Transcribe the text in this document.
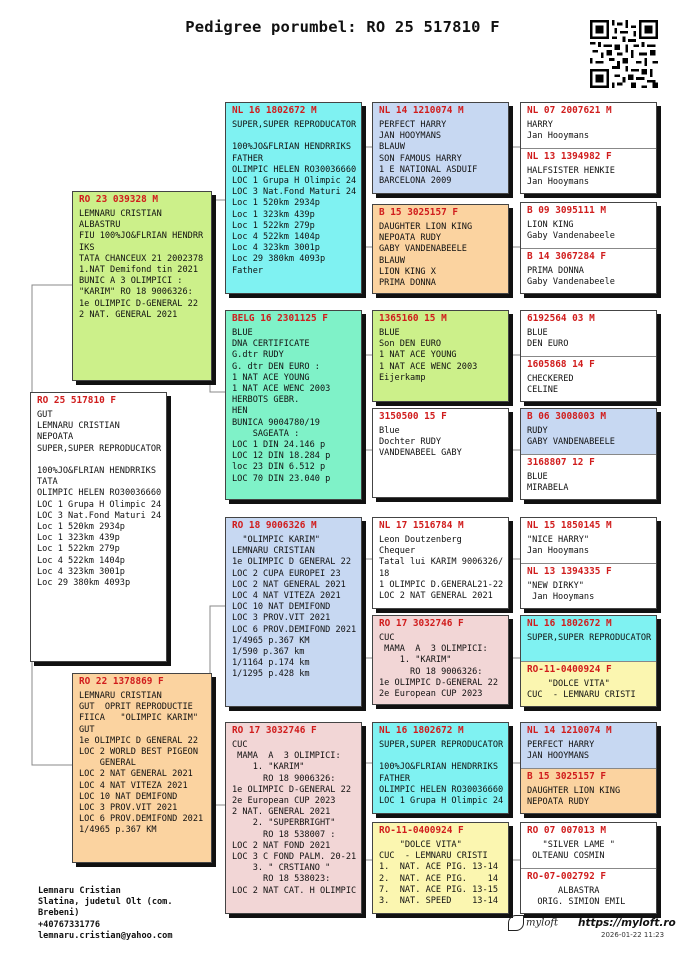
Pedigree porumbel: RO 25 517810 F
RO 25 517810 F
GUT
LEMNARU CRISTIAN
NEPOATA
SUPER,SUPER REPRODUCATOR

100%JO&FLRIAN HENDRRIKS
TATA
OLIMPIC HELEN RO30036660
LOC 1 Grupa H Olimpic 24
LOC 3 Nat.Fond Maturi 24
Loc 1 520km 2934p
Loc 1 323km 439p
Loc 1 522km 279p
Loc 4 522km 1404p
Loc 4 323km 3001p
Loc 29 380km 4093p
RO 23 039328 M
LEMNARU CRISTIAN
ALBASTRU
FIU 100%JO&FLRIAN HENDRR
IKS
TATA CHANCEUX 21 2002378
1.NAT Demifond tin 2021
BUNIC A 3 OLIMPICI :
"KARIM" RO 18 9006326:
1e OLIMPIC D-GENERAL 22
2 NAT. GENERAL 2021
RO 22 1378869 F
LEMNARU CRISTIAN
GUT  OPRIT REPRODUCTIE
FIICA   "OLIMPIC KARIM"
GUT
1e OLIMPIC D GENERAL 22
LOC 2 WORLD BEST PIGEON
GENERAL
LOC 2 NAT GENERAL 2021
LOC 4 NAT VITEZA 2021
LOC 10 NAT DEMIFOND
LOC 3 PROV.VIT 2021
LOC 6 PROV.DEMIFOND 2021
1/4965 p.367 KM
NL 16 1802672 M
SUPER,SUPER REPRODUCATOR

100%JO&FLRIAN HENDRRIKS
FATHER
OLIMPIC HELEN RO30036660
LOC 1 Grupa H Olimpic 24
LOC 3 Nat.Fond Maturi 24
Loc 1 520km 2934p
Loc 1 323km 439p
Loc 1 522km 279p
Loc 4 522km 1404p
Loc 4 323km 3001p
Loc 29 380km 4093p
Father
BELG 16 2301125 F
BLUE
DNA CERTIFICATE
G.dtr RUDY
G. dtr DEN EURO :
1 NAT ACE YOUNG
1 NAT ACE WENC 2003
HERBOTS GEBR.
HEN
BUNICA 9004780/19
SAGEATA :
LOC 1 DIN 24.146 p
LOC 12 DIN 18.284 p
loc 23 DIN 6.512 p
LOC 70 DIN 23.040 p
RO 18 9006326 M
"OLIMPIC KARIM"
LEMNARU CRISTIAN
1e OLIMPIC D GENERAL 22
LOC 2 CUPA EUROPEI 23
LOC 2 NAT GENERAL 2021
LOC 4 NAT VITEZA 2021
LOC 10 NAT DEMIFOND
LOC 3 PROV.VIT 2021
LOC 6 PROV.DEMIFOND 2021
1/4965 p.367 KM
1/590 p.367 km
1/1164 p.174 km
1/1295 p.428 km
RO 17 3032746 F
CUC
MAMA  A  3 OLIMPICI:
1. "KARIM"
RO 18 9006326:
1e OLIMPIC D-GENERAL 22
2e European CUP 2023
2 NAT. GENERAL 2021
2. "SUPERBRIGHT"
RO 18 538007 :
LOC 2 NAT FOND 2021
LOC 3 C FOND PALM. 20-21
3. " CRSTIANO "
RO 18 538023:
LOC 2 NAT CAT. H OLIMPIC
NL 14 1210074 M
PERFECT HARRY
JAN HOOYMANS
BLAUW
SON FAMOUS HARRY
1 E NATIONAL ASDUIF
BARCELONA 2009
B 15 3025157 F
DAUGHTER LION KING
NEPOATA RUDY
GABY VANDENABEELE
BLAUW
LION KING X
PRIMA DONNA
1365160 15 M
BLUE
Son DEN EURO
1 NAT ACE YOUNG
1 NAT ACE WENC 2003
Eijerkamp
3150500 15 F
Blue
Dochter RUDY
VANDENABEEL GABY
NL 17 1516784 M
Leon Doutzenberg
Chequer
Tatal lui KARIM 9006326/
18
1 OLIMPIC D.GENERAL21-22
LOC 2 NAT GENERAL 2021
RO 17 3032746 F
CUC
MAMA  A  3 OLIMPICI:
1. "KARIM"
RO 18 9006326:
1e OLIMPIC D-GENERAL 22
2e European CUP 2023
NL 16 1802672 M
SUPER,SUPER REPRODUCATOR

100%JO&FLRIAN HENDRRIKS
FATHER
OLIMPIC HELEN RO30036660
LOC 1 Grupa H Olimpic 24
RO-11-0400924 F
"DOLCE VITA"
CUC  - LEMNARU CRISTI
1.  NAT. ACE PIG. 13-14
2.  NAT. ACE PIG.    14
7.  NAT. ACE PIG. 13-15
3.  NAT. SPEED    13-14
NL 07 2007621 M
HARRY
Jan Hooymans
NL 13 1394982 F
HALFSISTER HENKIE
Jan Hooymans
B 09 3095111 M
LION KING
Gaby Vandenabeele
B 14 3067284 F
PRIMA DONNA
Gaby Vandenabeele
6192564 03 M
BLUE
DEN EURO
1605868 14 F
CHECKERED
CELINE
B 06 3008003 M
RUDY
GABY VANDENABEELE
3168807 12 F
BLUE
MIRABELA
NL 15 1850145 M
"NICE HARRY"
Jan Hooymans
NL 13 1394335 F
"NEW DIRKY"
Jan Hooymans
NL 16 1802672 M
SUPER,SUPER REPRODUCATOR
RO-11-0400924 F
"DOLCE VITA"
CUC  - LEMNARU CRISTI
NL 14 1210074 M
PERFECT HARRY
JAN HOOYMANS
B 15 3025157 F
DAUGHTER LION KING
NEPOATA RUDY
RO 07 007013 M
"SILVER LAME "
OLTEANU COSMIN
RO-07-002792 F
ALBASTRA
ORIG. SIMION EMIL
Lemnaru Cristian
Slatina, judetul Olt (com.
Brebeni)
+40767331776
lemnaru.cristian@yahoo.com
myloft https://myloft.ro
2026-01-22 11:23
